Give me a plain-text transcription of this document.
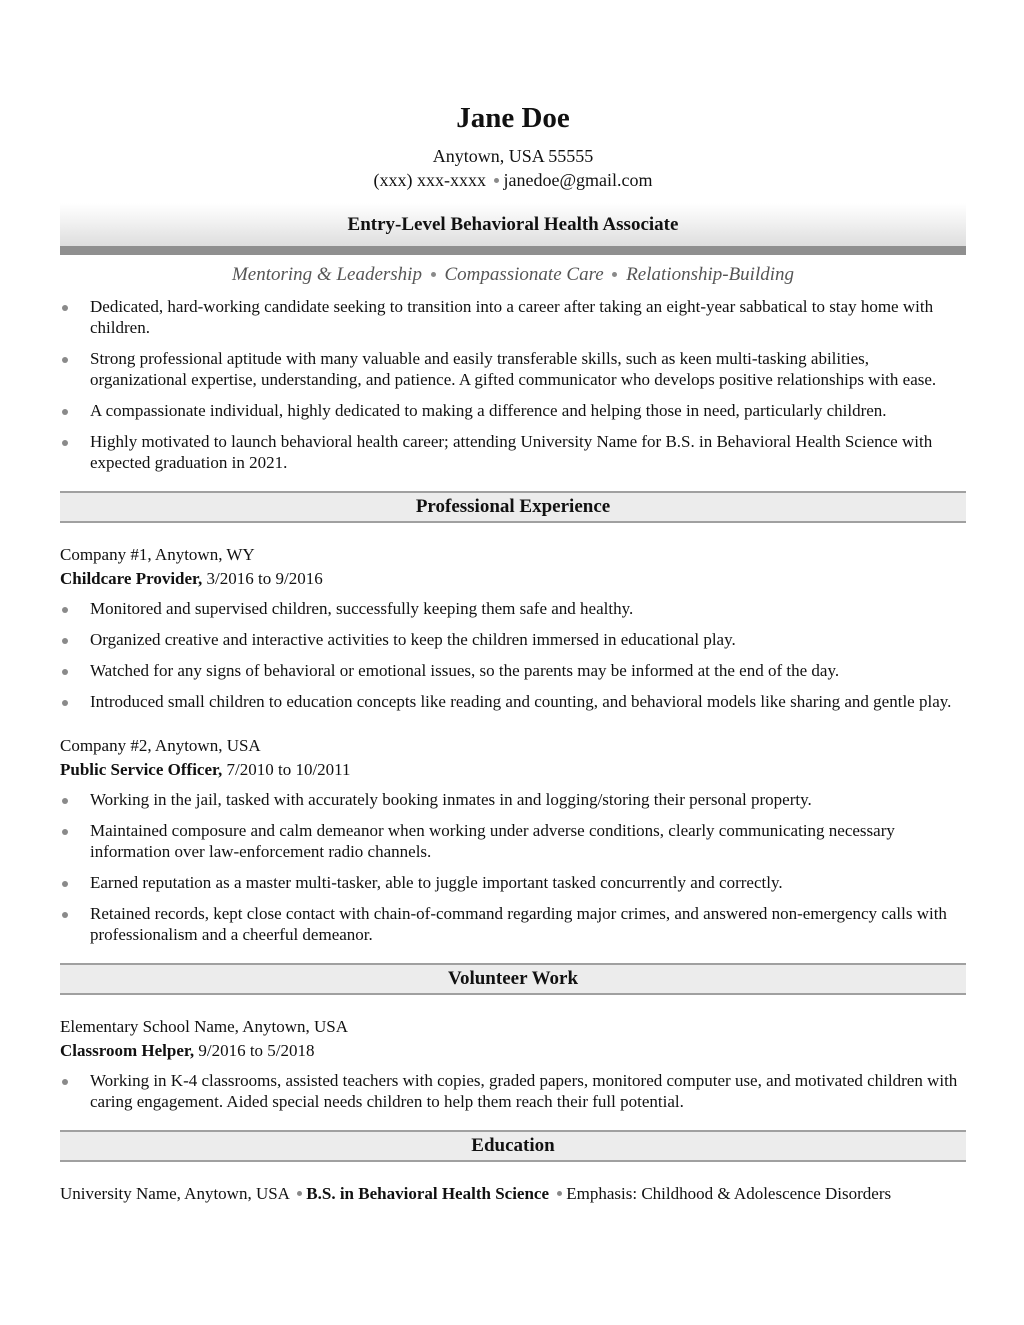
Jane Doe
Anytown, USA 55555
(xxx) xxx-xxxx janedoe@gmail.com
Entry-Level Behavioral Health Associate
Mentoring & Leadership Compassionate Care Relationship-Building
Dedicated, hard-working candidate seeking to transition into a career after taking an eight-year sabbatical to stay home with children.
Strong professional aptitude with many valuable and easily transferable skills, such as keen multi-tasking abilities, organizational expertise, understanding, and patience. A gifted communicator who develops positive relationships with ease.
A compassionate individual, highly dedicated to making a difference and helping those in need, particularly children.
Highly motivated to launch behavioral health career; attending University Name for B.S. in Behavioral Health Science with expected graduation in 2021.
Professional Experience
Company #1, Anytown, WY
Childcare Provider, 3/2016 to 9/2016
Monitored and supervised children, successfully keeping them safe and healthy.
Organized creative and interactive activities to keep the children immersed in educational play.
Watched for any signs of behavioral or emotional issues, so the parents may be informed at the end of the day.
Introduced small children to education concepts like reading and counting, and behavioral models like sharing and gentle play.
Company #2, Anytown, USA
Public Service Officer, 7/2010 to 10/2011
Working in the jail, tasked with accurately booking inmates in and logging/storing their personal property.
Maintained composure and calm demeanor when working under adverse conditions, clearly communicating necessary information over law-enforcement radio channels.
Earned reputation as a master multi-tasker, able to juggle important tasked concurrently and correctly.
Retained records, kept close contact with chain-of-command regarding major crimes, and answered non-emergency calls with professionalism and a cheerful demeanor.
Volunteer Work
Elementary School Name, Anytown, USA
Classroom Helper, 9/2016 to 5/2018
Working in K-4 classrooms, assisted teachers with copies, graded papers, monitored computer use, and motivated children with caring engagement. Aided special needs children to help them reach their full potential.
Education
University Name, Anytown, USA B.S. in Behavioral Health Science Emphasis: Childhood & Adolescence Disorders
